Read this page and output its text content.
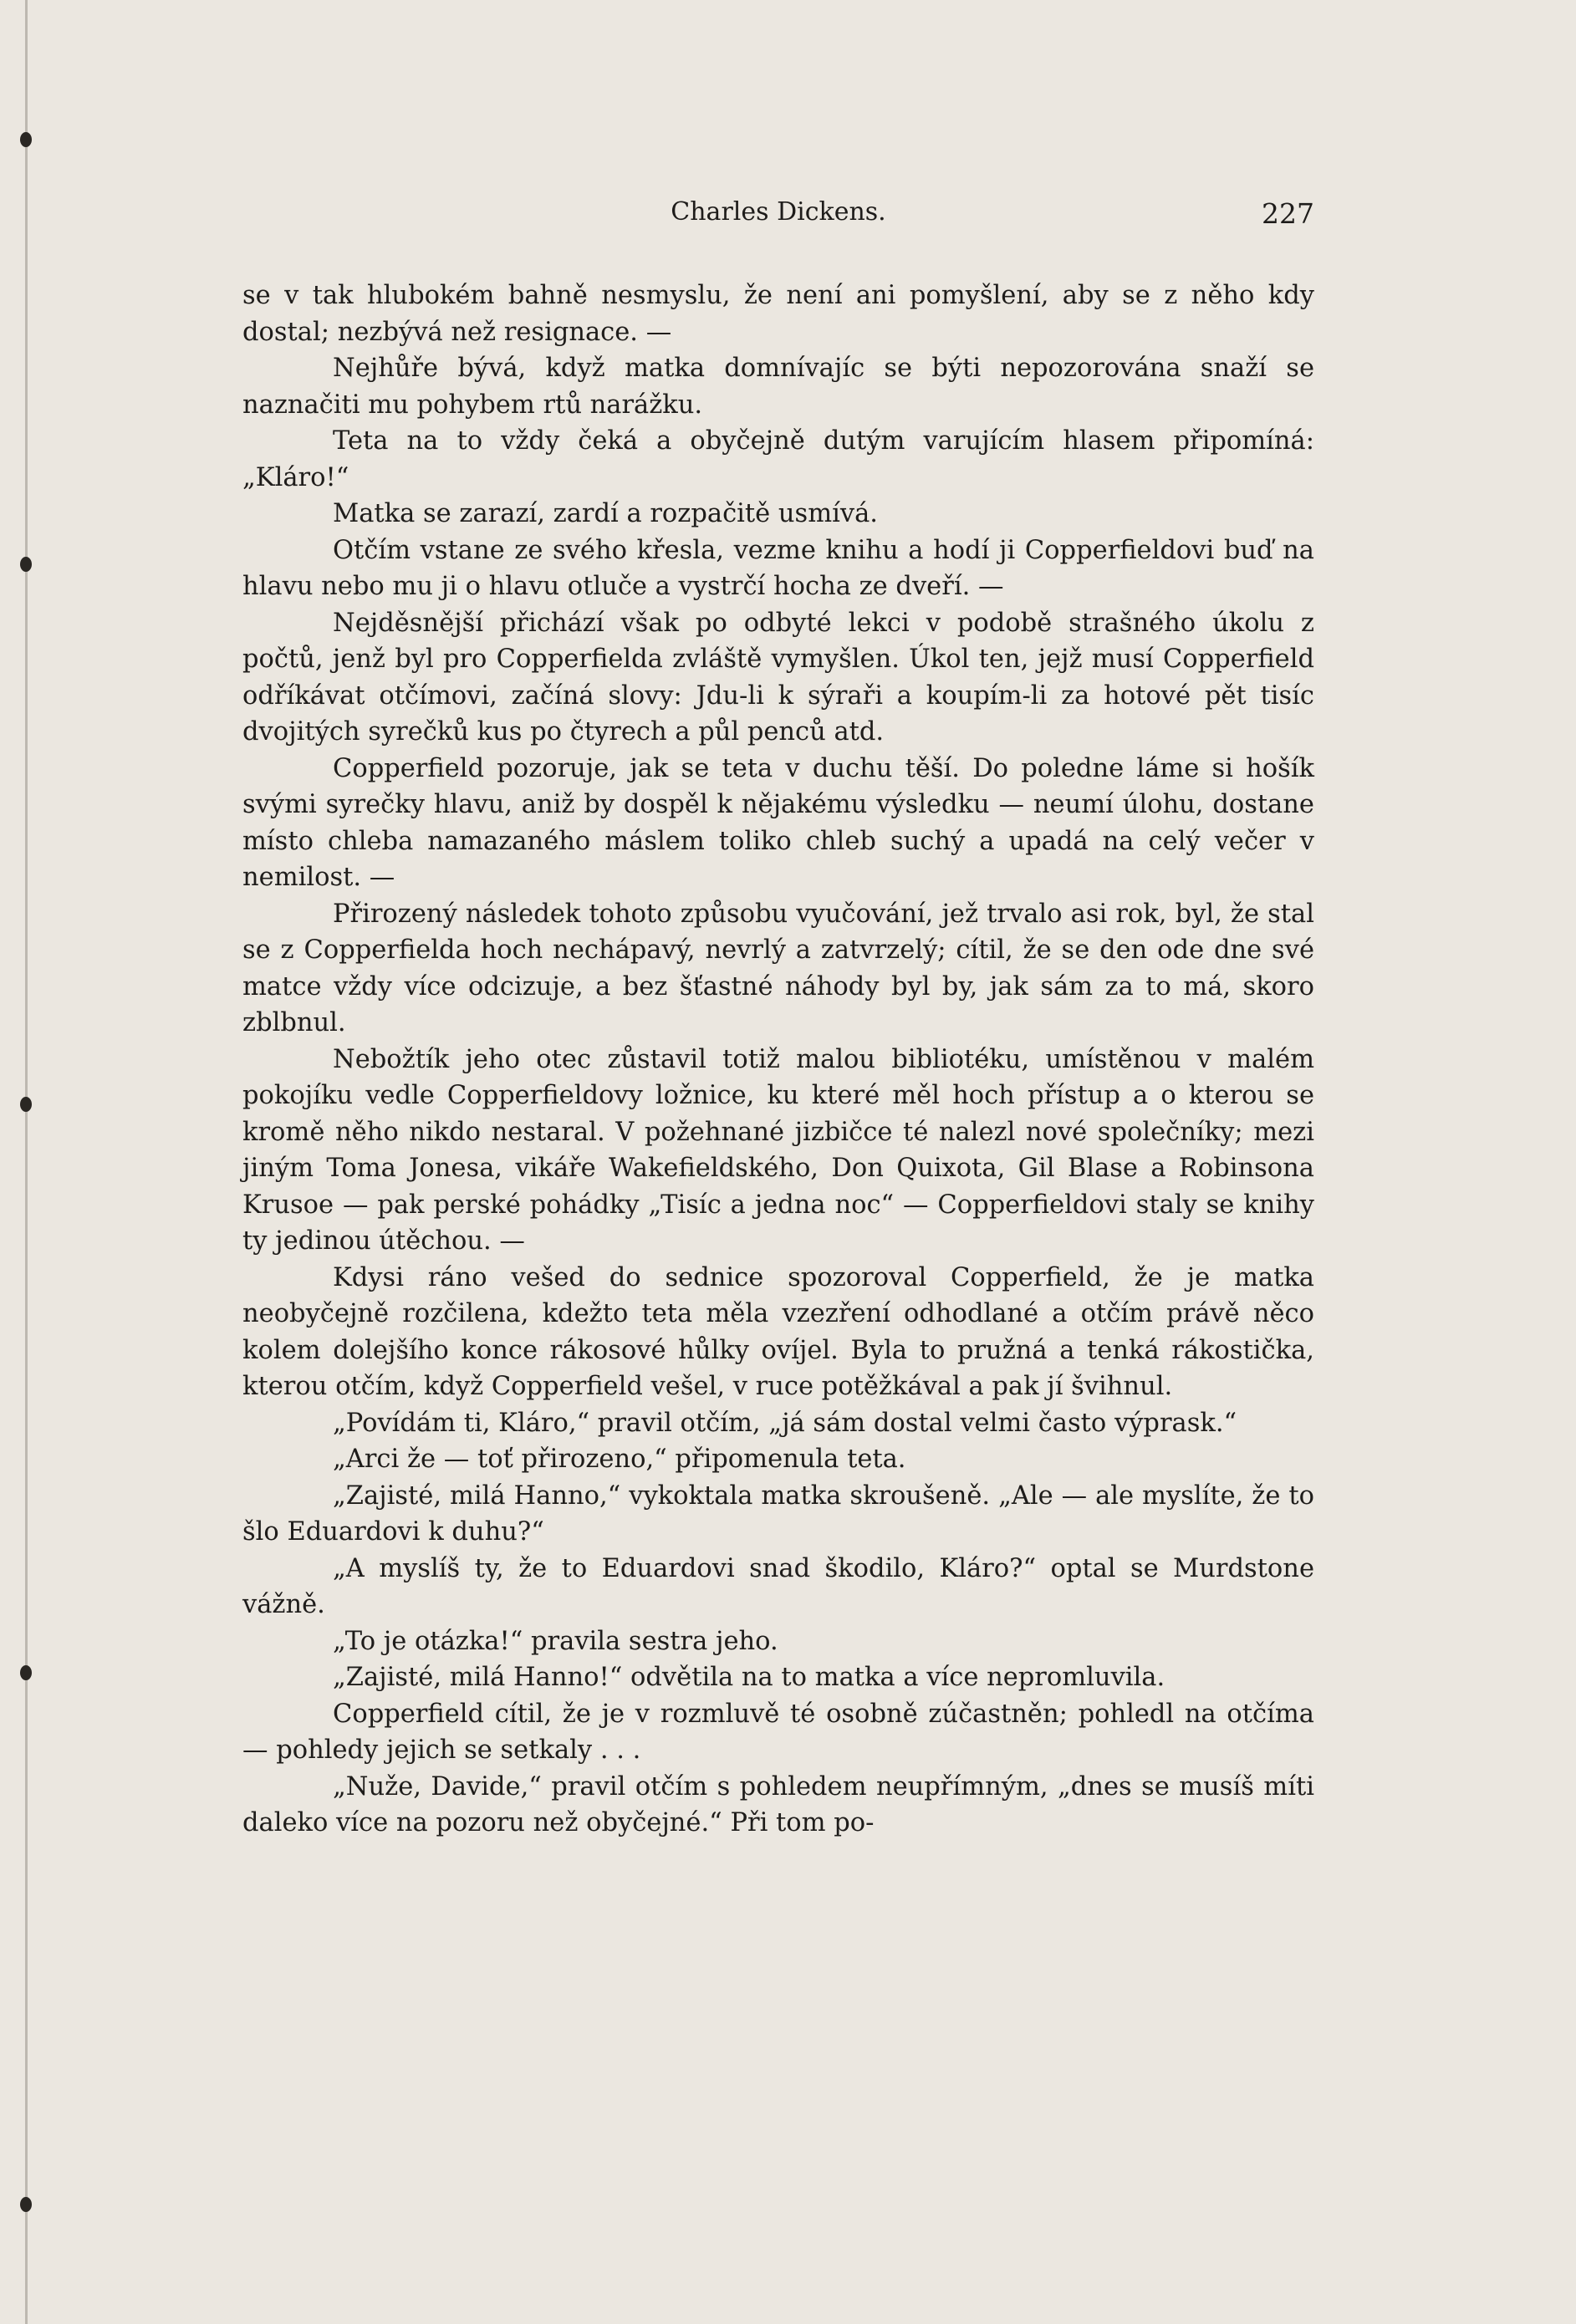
Charles Dickens.	227

se v tak hlubokém bahně nesmyslu, že není ani pomyšlení, aby se z něho kdy dostal; nezbývá než resignace. —

Nejhůře bývá, když matka domnívajíc se býti nepozorována snaží se naznačiti mu pohybem rtů narážku.

Teta na to vždy čeká a obyčejně dutým varujícím hlasem připomíná: „Kláro!“

Matka se zarazí, zardí a rozpačitě usmívá.

Otčím vstane ze svého křesla, vezme knihu a hodí ji Copperfieldovi buď na hlavu nebo mu ji o hlavu otluče a vystrčí hocha ze dveří. —

Nejděsnější přichází však po odbyté lekci v podobě strašného úkolu z počtů, jenž byl pro Copperfielda zvláště vymyšlen. Úkol ten, jejž musí Copperfield odříkávat otčímovi, začíná slovy: Jdu-li k sýraři a koupím-li za hotové pět tisíc dvojitých syrečků kus po čtyrech a půl penců atd.

Copperfield pozoruje, jak se teta v duchu těší. Do poledne láme si hošík svými syrečky hlavu, aniž by dospěl k nějakému výsledku — neumí úlohu, dostane místo chleba namazaného máslem toliko chleb suchý a upadá na celý večer v nemilost. —

Přirozený následek tohoto způsobu vyučování, jež trvalo asi rok, byl, že stal se z Copperfielda hoch nechápavý, nevrlý a zatvrzelý; cítil, že se den ode dne své matce vždy více odcizuje, a bez šťastné náhody byl by, jak sám za to má, skoro zblbnul.

Nebožtík jeho otec zůstavil totiž malou bibliotéku, umístěnou v malém pokojíku vedle Copperfieldovy ložnice, ku které měl hoch přístup a o kterou se kromě něho nikdo nestaral. V požehnané jizbičce té nalezl nové společníky; mezi jiným Toma Jonesa, vikáře Wakefieldského, Don Quixota, Gil Blase a Robinsona Krusoe — pak perské pohádky „Tisíc a jedna noc“ — Copperfieldovi staly se knihy ty jedinou útěchou. —

Kdysi ráno vešed do sednice spozoroval Copperfield, že je matka neobyčejně rozčilena, kdežto teta měla vzezření odhodlané a otčím právě něco kolem dolejšího konce rákosové hůlky ovíjel. Byla to pružná a tenká rákostička, kterou otčím, když Copperfield vešel, v ruce potěžkával a pak jí švihnul.

„Povídám ti, Kláro,“ pravil otčím, „já sám dostal velmi často výprask.“

„Arci že — toť přirozeno,“ připomenula teta.

„Zajisté, milá Hanno,“ vykoktala matka skroušeně. „Ale — ale myslíte, že to šlo Eduardovi k duhu?“

„A myslíš ty, že to Eduardovi snad škodilo, Kláro?“ optal se Murdstone vážně.

„To je otázka!“ pravila sestra jeho.

„Zajisté, milá Hanno!“ odvětila na to matka a více nepromluvila.

Copperfield cítil, že je v rozmluvě té osobně zúčastněn; pohledl na otčíma — pohledy jejich se setkaly . . .

„Nuže, Davide,“ pravil otčím s pohledem neupřímným, „dnes se musíš míti daleko více na pozoru než obyčejné.“ Při tom po-
